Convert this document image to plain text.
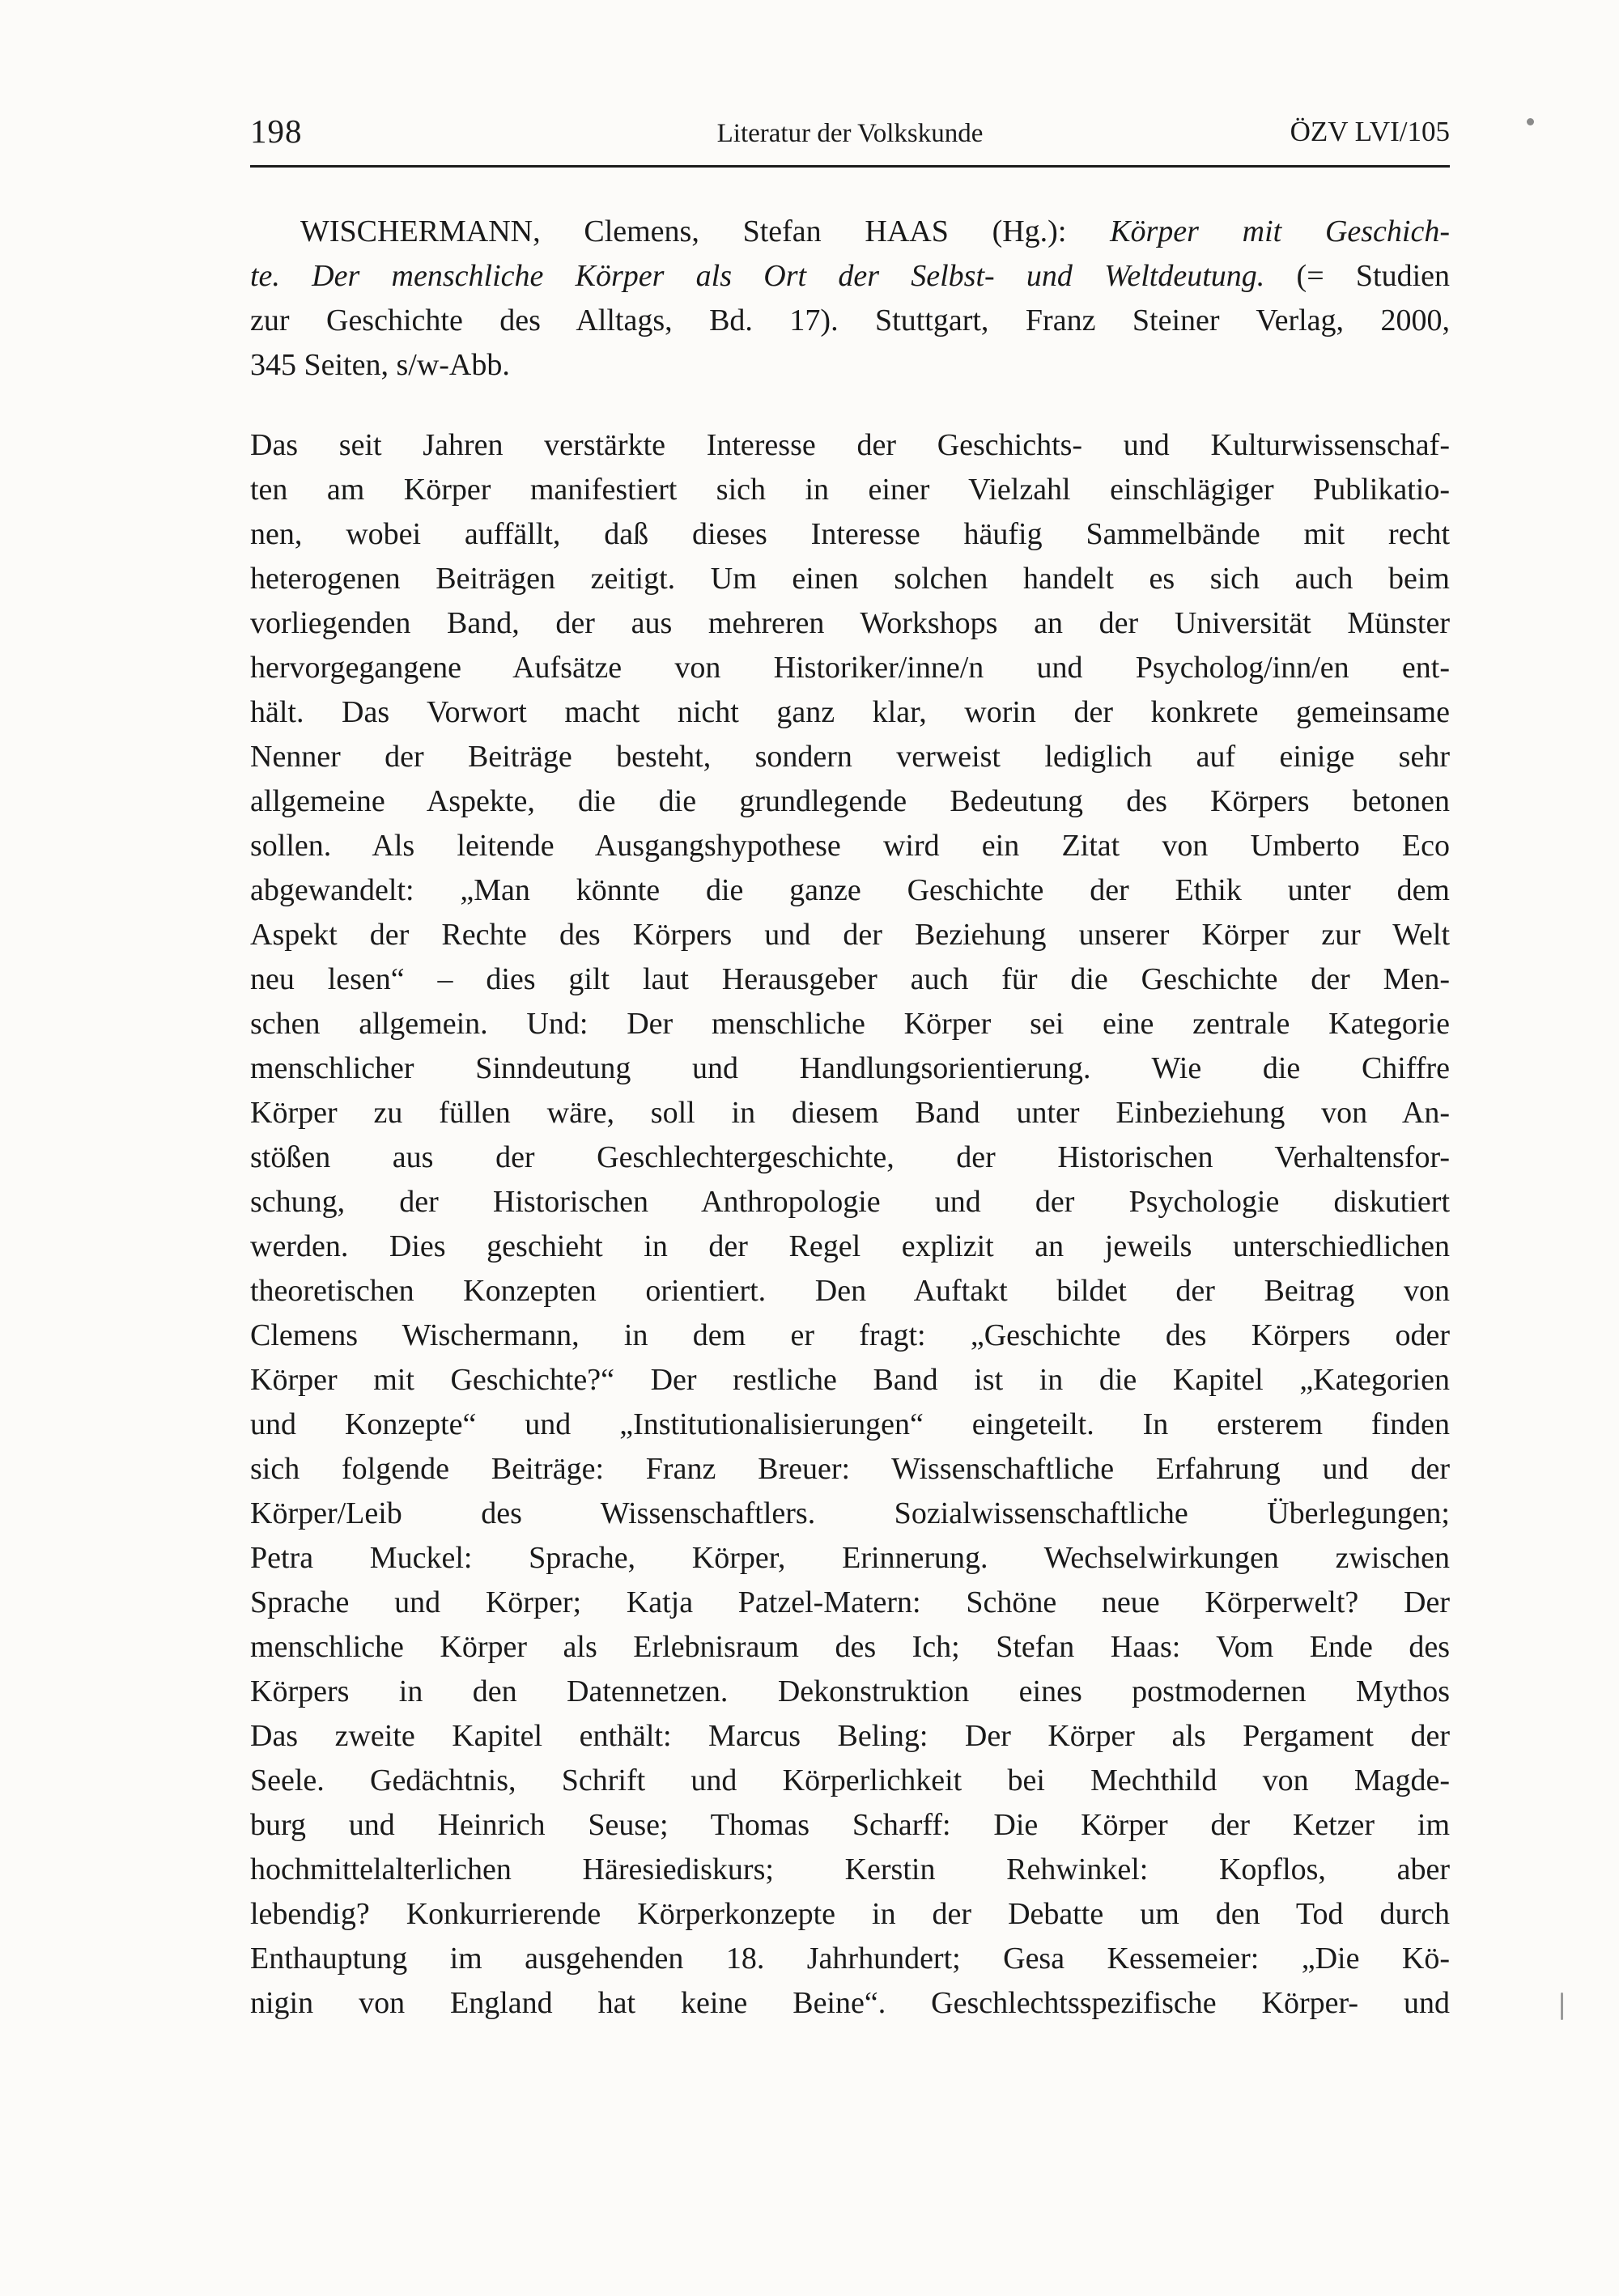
198	Literatur der Volkskunde	ÖZV LVI/105
WISCHERMANN, Clemens, Stefan HAAS (Hg.): Körper mit Geschich-
te. Der menschliche Körper als Ort der Selbst- und Weltdeutung. (= Studien
zur Geschichte des Alltags, Bd. 17). Stuttgart, Franz Steiner Verlag, 2000,
345 Seiten, s/w-Abb.
Das seit Jahren verstärkte Interesse der Geschichts- und Kulturwissenschaf-
ten am Körper manifestiert sich in einer Vielzahl einschlägiger Publikatio-
nen, wobei auffällt, daß dieses Interesse häufig Sammelbände mit recht
heterogenen Beiträgen zeitigt. Um einen solchen handelt es sich auch beim
vorliegenden Band, der aus mehreren Workshops an der Universität Münster
hervorgegangene Aufsätze von Historiker/inne/n und Psycholog/inn/en ent-
hält. Das Vorwort macht nicht ganz klar, worin der konkrete gemeinsame
Nenner der Beiträge besteht, sondern verweist lediglich auf einige sehr
allgemeine Aspekte, die die grundlegende Bedeutung des Körpers betonen
sollen. Als leitende Ausgangshypothese wird ein Zitat von Umberto Eco
abgewandelt: „Man könnte die ganze Geschichte der Ethik unter dem
Aspekt der Rechte des Körpers und der Beziehung unserer Körper zur Welt
neu lesen“ – dies gilt laut Herausgeber auch für die Geschichte der Men-
schen allgemein. Und: Der menschliche Körper sei eine zentrale Kategorie
menschlicher Sinndeutung und Handlungsorientierung. Wie die Chiffre
Körper zu füllen wäre, soll in diesem Band unter Einbeziehung von An-
stößen aus der Geschlechtergeschichte, der Historischen Verhaltensfor-
schung, der Historischen Anthropologie und der Psychologie diskutiert
werden. Dies geschieht in der Regel explizit an jeweils unterschiedlichen
theoretischen Konzepten orientiert. Den Auftakt bildet der Beitrag von
Clemens Wischermann, in dem er fragt: „Geschichte des Körpers oder
Körper mit Geschichte?“ Der restliche Band ist in die Kapitel „Kategorien
und Konzepte“ und „Institutionalisierungen“ eingeteilt. In ersterem finden
sich folgende Beiträge: Franz Breuer: Wissenschaftliche Erfahrung und der
Körper/Leib des Wissenschaftlers. Sozialwissenschaftliche Überlegungen;
Petra Muckel: Sprache, Körper, Erinnerung. Wechselwirkungen zwischen
Sprache und Körper; Katja Patzel-Matern: Schöne neue Körperwelt? Der
menschliche Körper als Erlebnisraum des Ich; Stefan Haas: Vom Ende des
Körpers in den Datennetzen. Dekonstruktion eines postmodernen Mythos
Das zweite Kapitel enthält: Marcus Beling: Der Körper als Pergament der
Seele. Gedächtnis, Schrift und Körperlichkeit bei Mechthild von Magde-
burg und Heinrich Seuse; Thomas Scharff: Die Körper der Ketzer im
hochmittelalterlichen Häresiediskurs; Kerstin Rehwinkel: Kopflos, aber
lebendig? Konkurrierende Körperkonzepte in der Debatte um den Tod durch
Enthauptung im ausgehenden 18. Jahrhundert; Gesa Kessemeier: „Die Kö-
nigin von England hat keine Beine“. Geschlechtsspezifische Körper- und
